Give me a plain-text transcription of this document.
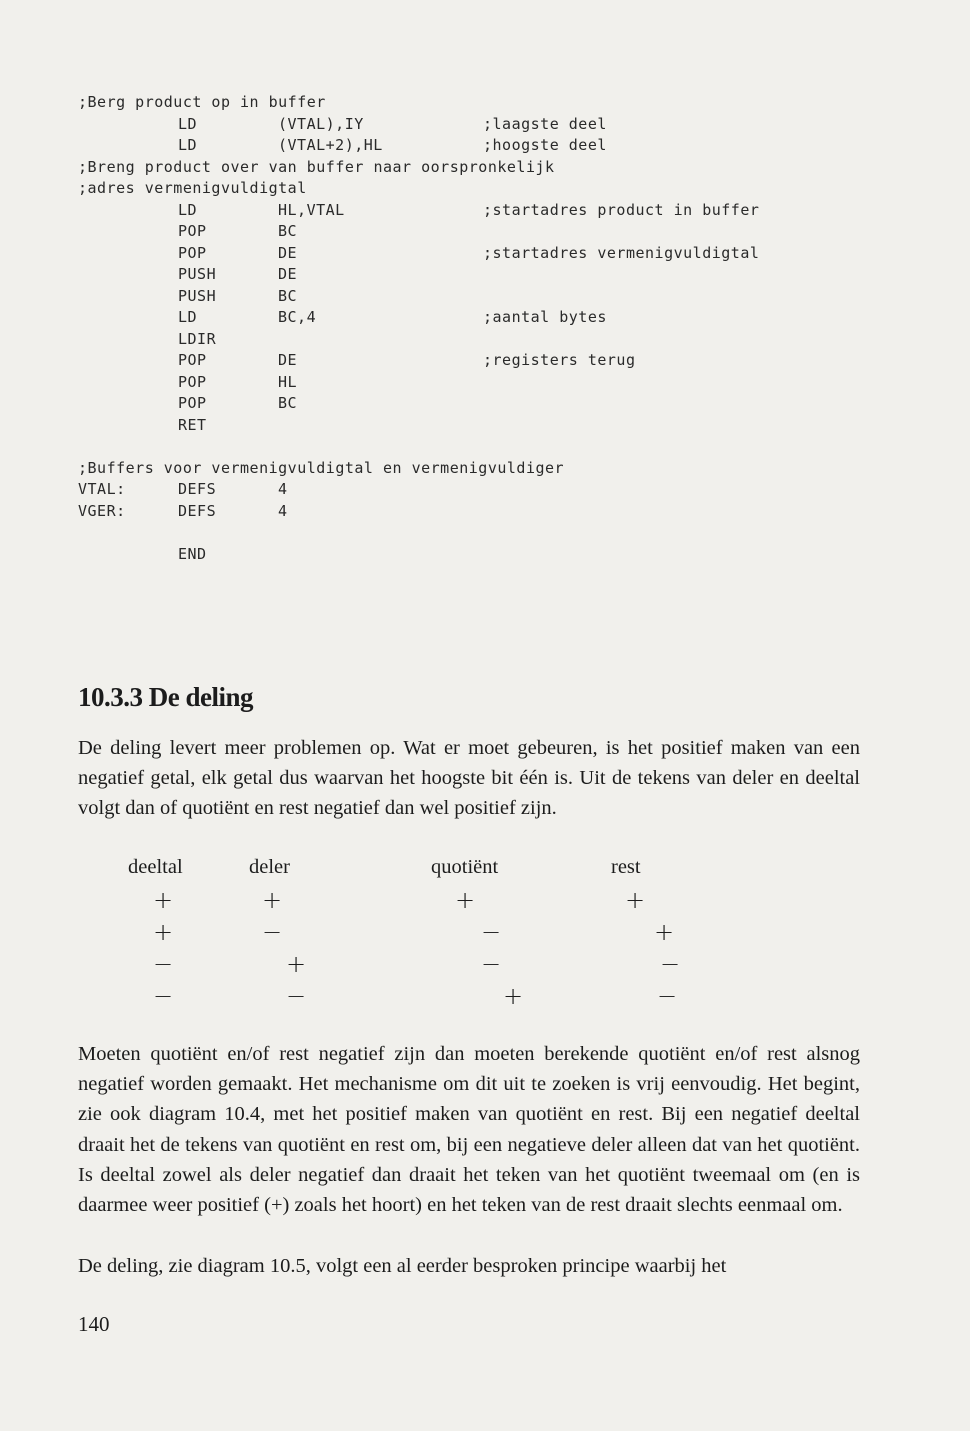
;Berg product op in buffer
LD	(VTAL),IY	;laagste deel
LD	(VTAL+2),HL	;hoogste deel
;Breng product over van buffer naar oorspronkelijk
;adres vermenigvuldigtal
LD	HL,VTAL	;startadres product in buffer
POP	BC
POP	DE	;startadres vermenigvuldigtal
PUSH	DE
PUSH	BC
LD	BC,4	;aantal bytes
LDIR
POP	DE	;registers terug
POP	HL
POP	BC
RET
;Buffers voor vermenigvuldigtal en vermenigvuldiger
VTAL:	DEFS	4
VGER:	DEFS	4
END
10.3.3 De deling

De deling levert meer problemen op. Wat er moet gebeuren, is het positief maken van een negatief getal, elk getal dus waarvan het hoogste bit één is. Uit de tekens van deler en deeltal volgt dan of quotiënt en rest negatief dan wel positief zijn.

deeltal	deler	quotiënt	rest
+	+	+	+
+	−	−	+
−	+	−	−
−	−	+	−

Moeten quotiënt en/of rest negatief zijn dan moeten berekende quotiënt en/of rest alsnog negatief worden gemaakt. Het mechanisme om dit uit te zoeken is vrij eenvoudig. Het begint, zie ook diagram 10.4, met het positief maken van quotiënt en rest. Bij een negatief deeltal draait het de tekens van quotiënt en rest om, bij een negatieve deler alleen dat van het quotiënt. Is deeltal zowel als deler negatief dan draait het teken van het quotiënt tweemaal om (en is daarmee weer positief (+) zoals het hoort) en het teken van de rest draait slechts eenmaal om.

De deling, zie diagram 10.5, volgt een al eerder besproken principe waarbij het

140
